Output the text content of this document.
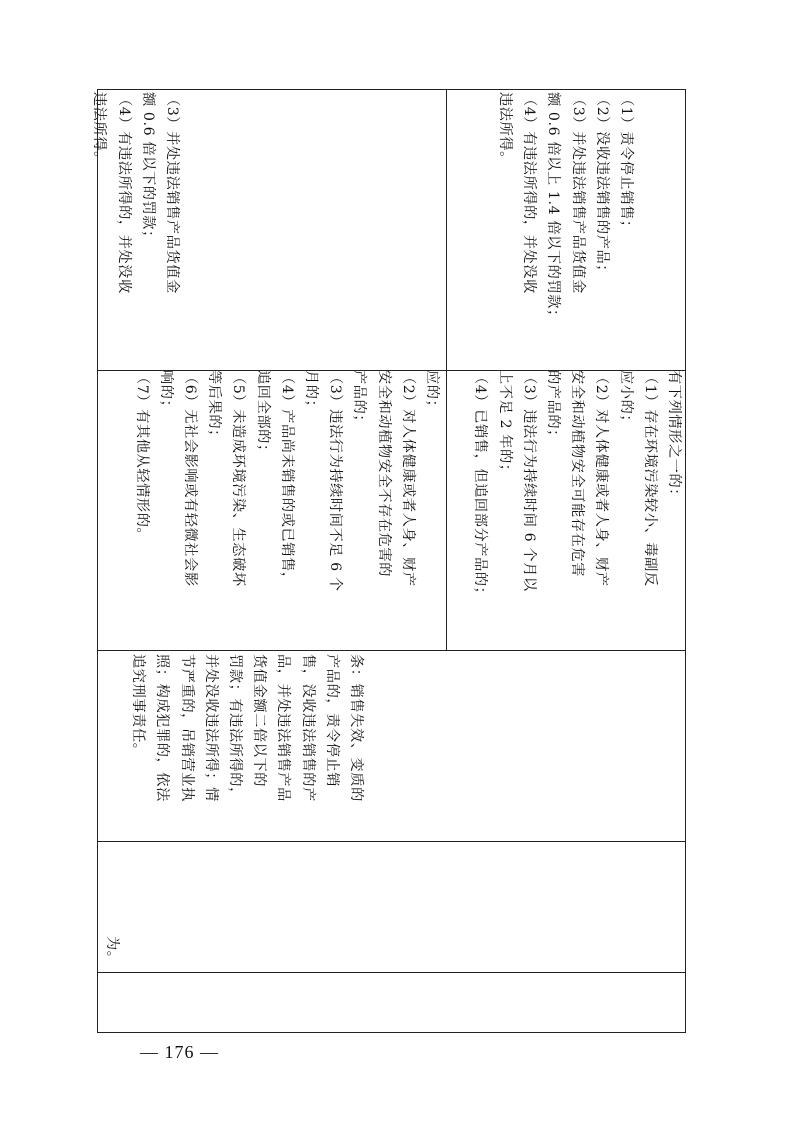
为。
条：销售失效、变质的
产品的，责令停止销
售，没收违法销售的产
品，并处违法销售产品
货值金额二倍以下的
罚款；有违法所得的，
并处没收违法所得；情
节严重的，吊销营业执
照；构成犯罪的，依法
追究刑事责任。
应的；
（2）对人体健康或者人身、财产
安全和动植物安全不存在危害的
产品的；
（3）违法行为持续时间不足 6 个
月的；
（4）产品尚未销售的或已销售，
追回全部的；
（5）未造成环境污染、生态破坏
等后果的；
（6）无社会影响或有轻微社会影
响的；
（7）有其他从轻情形的。	有下列情形之一的：
（1）存在环境污染较小、毒副反
应小的；
（2）对人体健康或者人身、财产
安全和动植物安全可能存在危害
的产品的；
（3）违法行为持续时间 6 个月以
上不足 2 年的；
（4）已销售，但追回部分产品的；
（3）并处违法销售产品货值金
额 0.6 倍以下的罚款；
（4）有违法所得的，并处没收
违法所得。	（1）责令停止销售；
（2）没收违法销售的产品；
（3）并处违法销售产品货值金
额 0.6 倍以上 1.4 倍以下的罚款；
（4）有违法所得的，并处没收
违法所得。
— 176 —
